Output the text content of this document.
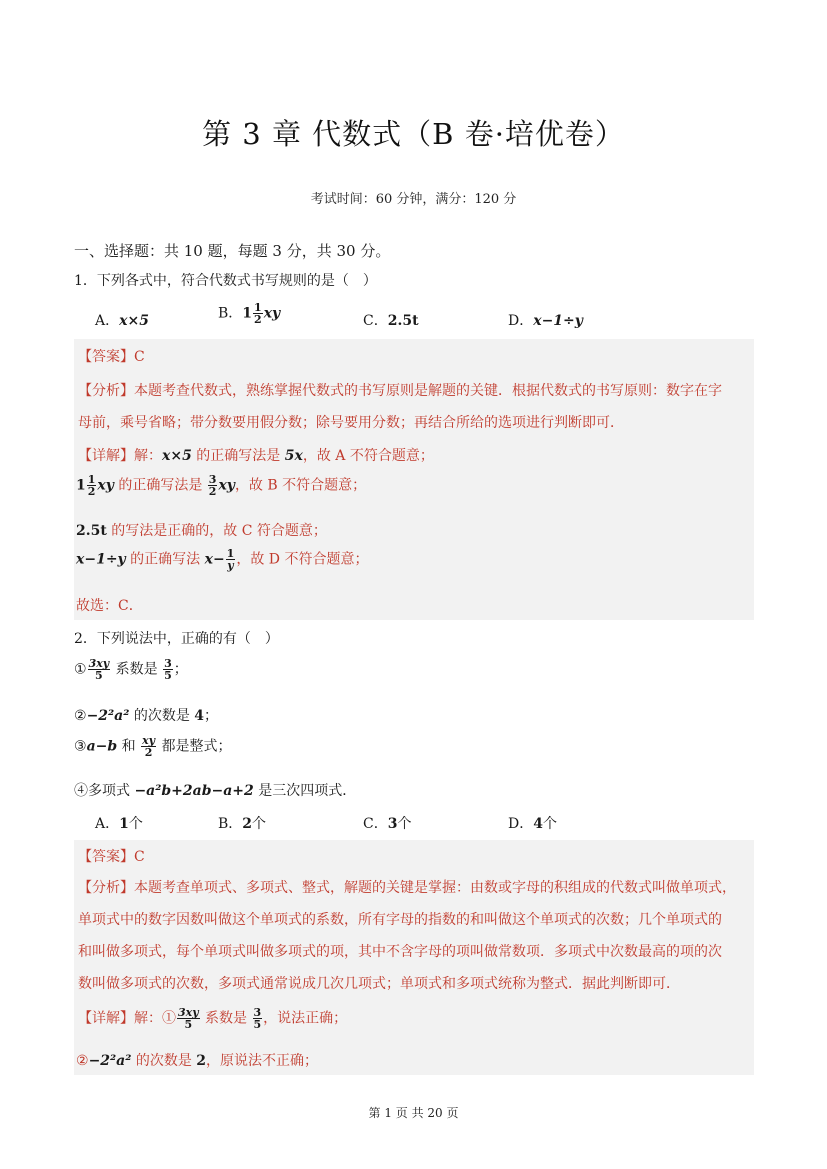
第 3 章 代数式（B 卷·培优卷）
考试时间：60 分钟，满分：120 分
一、选择题：共 10 题，每题 3 分，共 30 分。
1．下列各式中，符合代数式书写规则的是（　）
A．x×5	B．$1 \frac{1}{2}$ xy	C．2.5t	D．x−1÷y
【答案】C
【分析】本题考查代数式，熟练掌握代数式的书写原则是解题的关键．根据代数式的书写原则：数字在字
母前，乘号省略；带分数要用假分数；除号要用分数；再结合所给的选项进行判断即可．
【详解】解：x×5 的正确写法是 5x，故 A 不符合题意；
$1 \frac{1}{2}$ xy 的正确写法是 $\frac{3}{2}$ xy，故 B 不符合题意；
2.5t 的写法是正确的，故 C 符合题意；
x−1÷y 的正确写法 $x- \frac{1}{y}$ ，故 D 不符合题意；
故选：C．
2．下列说法中，正确的有（　）
① $\frac{3xy}{5}$ 系数是 $\frac{3}{5}$ ；
②−2²a² 的次数是 4；
③a−b 和 $\frac{xy}{2}$ 都是整式；
④多项式 −a²b+2ab−a+2 是三次四项式．
A．1个	B．2个	C．3个	D．4个
【答案】C
【分析】本题考查单项式、多项式、整式，解题的关键是掌握：由数或字母的积组成的代数式叫做单项式，
单项式中的数字因数叫做这个单项式的系数，所有字母的指数的和叫做这个单项式的次数；几个单项式的
和叫做多项式，每个单项式叫做多项式的项，其中不含字母的项叫做常数项．多项式中次数最高的项的次
数叫做多项式的次数，多项式通常说成几次几项式；单项式和多项式统称为整式．据此判断即可．
【详解】解：① $\frac{3xy}{5}$ 系数是 $\frac{3}{5}$ ，说法正确；
②−2²a² 的次数是 2，原说法不正确；
第 1 页 共 20 页
